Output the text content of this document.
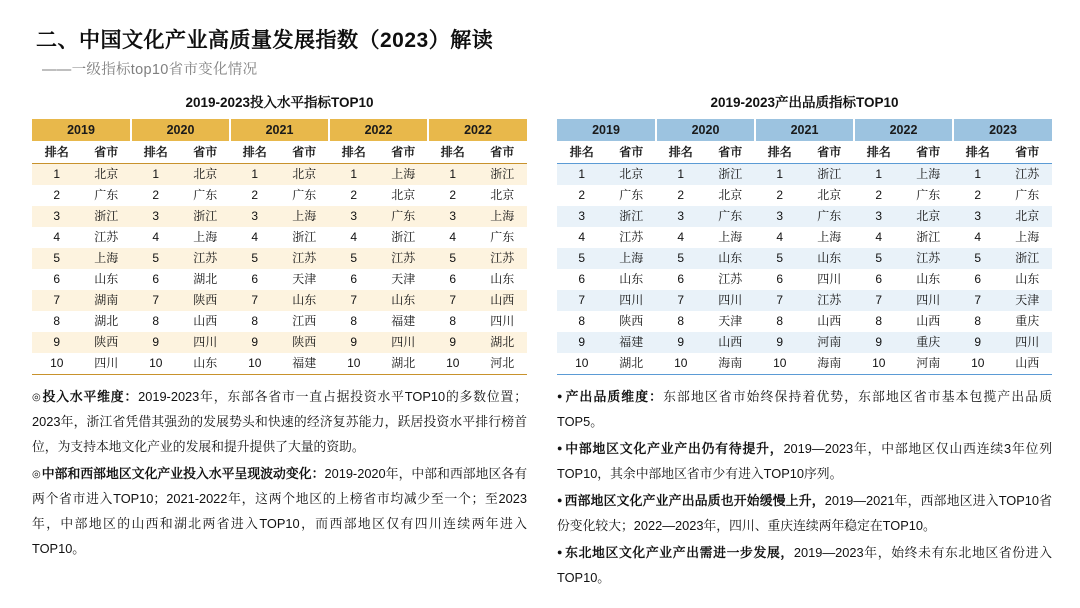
二、中国文化产业高质量发展指数（2023）解读
——一级指标top10省市变化情况
2019-2023投入水平指标TOP10
2019		2020		2021		2022		2022	
排名	省市	排名	省市	排名	省市	排名	省市	排名	省市
1	北京	1	北京	1	北京	1	上海	1	浙江
2	广东	2	广东	2	广东	2	北京	2	北京
3	浙江	3	浙江	3	上海	3	广东	3	上海
4	江苏	4	上海	4	浙江	4	浙江	4	广东
5	上海	5	江苏	5	江苏	5	江苏	5	江苏
6	山东	6	湖北	6	天津	6	天津	6	山东
7	湖南	7	陕西	7	山东	7	山东	7	山西
8	湖北	8	山西	8	江西	8	福建	8	四川
9	陕西	9	四川	9	陕西	9	四川	9	湖北
10	四川	10	山东	10	福建	10	湖北	10	河北

◎ 投入水平维度：2019-2023年，东部各省市一直占据投资水平TOP10的多数位置；2023年，浙江省凭借其强劲的发展势头和快速的经济复苏能力，跃居投资水平排行榜首位，为支持本地文化产业的发展和提升提供了大量的资助。

◎ 中部和西部地区文化产业投入水平呈现波动变化：2019-2020年，中部和西部地区各有两个省市进入TOP10；2021-2022年，这两个地区的上榜省市均减少至一个；至2023年，中部地区的山西和湖北两省进入TOP10，而西部地区仅有四川连续两年进入TOP10。

2019-2023产出品质指标TOP10
2019		2020		2021		2022		2023	
排名	省市	排名	省市	排名	省市	排名	省市	排名	省市
1	北京	1	浙江	1	浙江	1	上海	1	江苏
2	广东	2	北京	2	北京	2	广东	2	广东
3	浙江	3	广东	3	广东	3	北京	3	北京
4	江苏	4	上海	4	上海	4	浙江	4	上海
5	上海	5	山东	5	山东	5	江苏	5	浙江
6	山东	6	江苏	6	四川	6	山东	6	山东
7	四川	7	四川	7	江苏	7	四川	7	天津
8	陕西	8	天津	8	山西	8	山西	8	重庆
9	福建	9	山西	9	河南	9	重庆	9	四川
10	湖北	10	海南	10	海南	10	河南	10	山西

● 产出品质维度：东部地区省市始终保持着优势，东部地区省市基本包揽产出品质TOP5。

● 中部地区文化产业产出仍有待提升，2019—2023年，中部地区仅山西连续3年位列TOP10，其余中部地区省市少有进入TOP10序列。

● 西部地区文化产业产出品质也开始缓慢上升，2019—2021年，西部地区进入TOP10省份变化较大；2022—2023年，四川、重庆连续两年稳定在TOP10。

● 东北地区文化产业产出需进一步发展，2019—2023年，始终未有东北地区省份进入TOP10。
